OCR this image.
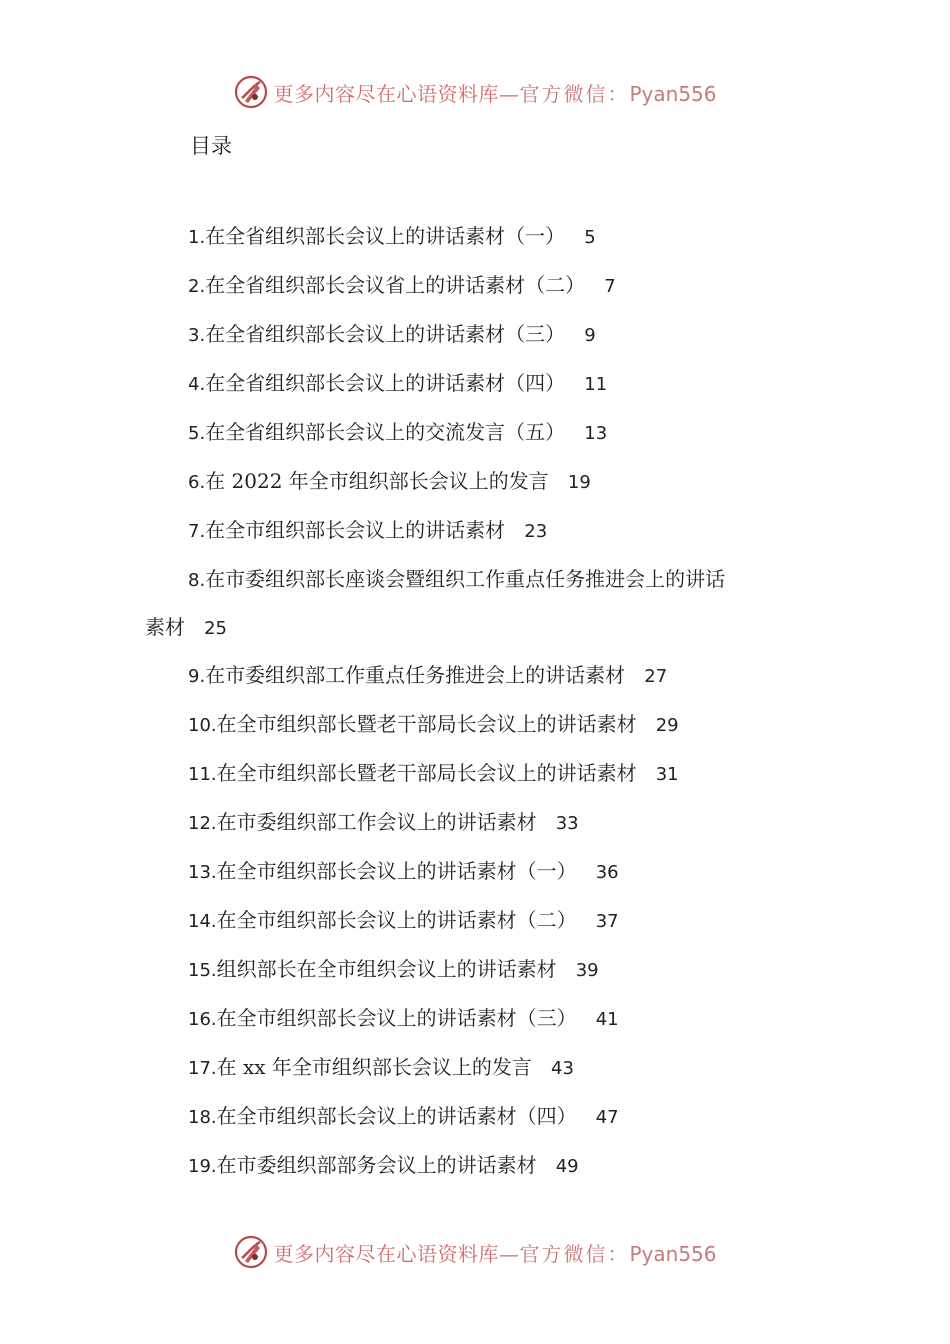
更多内容尽在心语资料库—官方微信：Pyan556
目录
1.在全省组织部长会议上的讲话素材（一） 5
2.在全省组织部长会议省上的讲话素材（二） 7
3.在全省组织部长会议上的讲话素材（三） 9
4.在全省组织部长会议上的讲话素材（四） 11
5.在全省组织部长会议上的交流发言（五） 13
6.在 2022 年全市组织部长会议上的发言 19
7.在全市组织部长会议上的讲话素材 23
8.在市委组织部长座谈会暨组织工作重点任务推进会上的讲话
素材 25
9.在市委组织部工作重点任务推进会上的讲话素材 27
10.在全市组织部长暨老干部局长会议上的讲话素材 29
11.在全市组织部长暨老干部局长会议上的讲话素材 31
12.在市委组织部工作会议上的讲话素材 33
13.在全市组织部长会议上的讲话素材（一） 36
14.在全市组织部长会议上的讲话素材（二） 37
15.组织部长在全市组织会议上的讲话素材 39
16.在全市组织部长会议上的讲话素材（三） 41
17.在 xx 年全市组织部长会议上的发言 43
18.在全市组织部长会议上的讲话素材（四） 47
19.在市委组织部部务会议上的讲话素材 49
更多内容尽在心语资料库—官方微信：Pyan556
